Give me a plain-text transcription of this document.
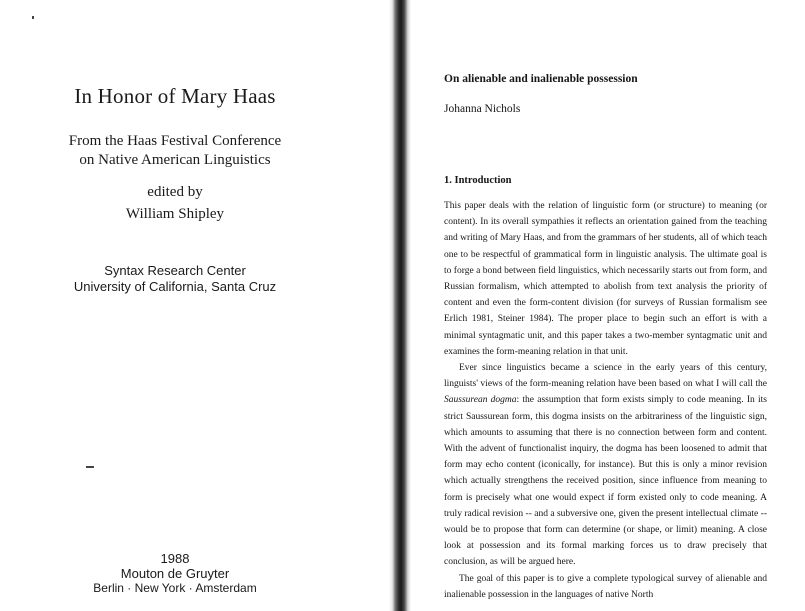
In Honor of Mary Haas
From the Haas Festival Conference
on Native American Linguistics
edited by
William Shipley
Syntax Research Center
University of California, Santa Cruz
1988
Mouton de Gruyter
Berlin · New York · Amsterdam
On alienable and inalienable possession
Johanna Nichols
1. Introduction

This paper deals with the relation of linguistic form (or structure) to meaning (or content). In its overall sympathies it reflects an orientation gained from the teaching and writing of Mary Haas, and from the grammars of her students, all of which teach one to be respectful of grammatical form in linguistic analysis. The ultimate goal is to forge a bond between field linguistics, which necessarily starts out from form, and Russian formalism, which attempted to abolish from text analysis the priority of content and even the form-content division (for surveys of Russian formalism see Erlich 1981, Steiner 1984). The proper place to begin such an effort is with a minimal syntagmatic unit, and this paper takes a two-member syntagmatic unit and examines the form-meaning relation in that unit.

Ever since linguistics became a science in the early years of this century, linguists' views of the form-meaning relation have been based on what I will call the Saussurean dogma: the assumption that form exists simply to code meaning. In its strict Saussurean form, this dogma insists on the arbitrariness of the linguistic sign, which amounts to assuming that there is no connection between form and content. With the advent of functionalist inquiry, the dogma has been loosened to admit that form may echo content (iconically, for instance). But this is only a minor revision which actually strengthens the received position, since influence from meaning to form is precisely what one would expect if form existed only to code meaning. A truly radical revision -- and a subversive one, given the present intellectual climate -- would be to propose that form can determine (or shape, or limit) meaning. A close look at possession and its formal marking forces us to draw precisely that conclusion, as will be argued here.

The goal of this paper is to give a complete typological survey of alienable and inalienable possession in the languages of native North
